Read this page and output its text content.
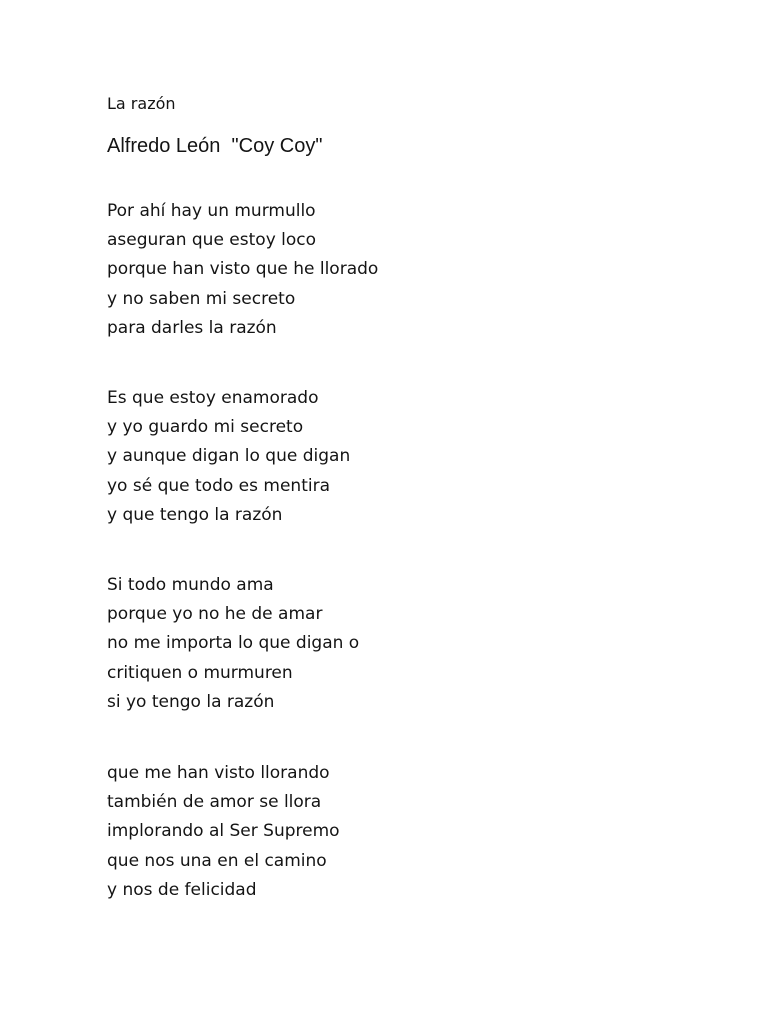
La razón
Alfredo León  "Coy Coy"
Por ahí hay un murmullo
aseguran que estoy loco
porque han visto que he llorado
y no saben mi secreto
para darles la razón
Es que estoy enamorado
y yo guardo mi secreto
y aunque digan lo que digan
yo sé que todo es mentira
y que tengo la razón
Si todo mundo ama
porque yo no he de amar
no me importa lo que digan o
critiquen o murmuren
si yo tengo la razón
que me han visto llorando
también de amor se llora
implorando al Ser Supremo
que nos una en el camino
y nos de felicidad
